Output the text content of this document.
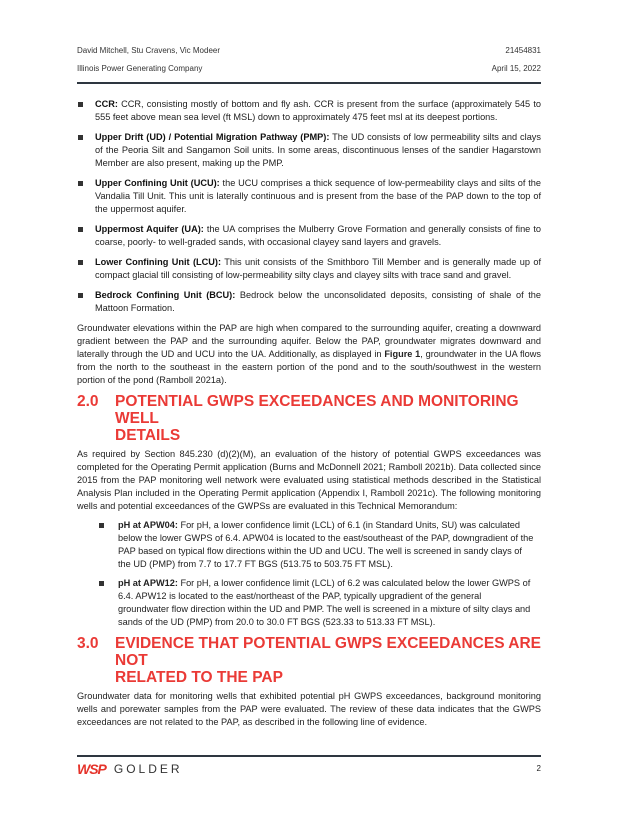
David Mitchell, Stu Cravens, Vic Modeer	21454831
Illinois Power Generating Company	April 15, 2022
CCR: CCR, consisting mostly of bottom and fly ash. CCR is present from the surface (approximately 545 to 555 feet above mean sea level (ft MSL) down to approximately 475 feet msl at its deepest portions.
Upper Drift (UD) / Potential Migration Pathway (PMP): The UD consists of low permeability silts and clays of the Peoria Silt and Sangamon Soil units. In some areas, discontinuous lenses of the sandier Hagarstown Member are also present, making up the PMP.
Upper Confining Unit (UCU): the UCU comprises a thick sequence of low-permeability clays and silts of the Vandalia Till Unit. This unit is laterally continuous and is present from the base of the PAP down to the top of the uppermost aquifer.
Uppermost Aquifer (UA): the UA comprises the Mulberry Grove Formation and generally consists of fine to coarse, poorly- to well-graded sands, with occasional clayey sand layers and gravels.
Lower Confining Unit (LCU): This unit consists of the Smithboro Till Member and is generally made up of compact glacial till consisting of low-permeability silty clays and clayey silts with trace sand and gravel.
Bedrock Confining Unit (BCU): Bedrock below the unconsolidated deposits, consisting of shale of the Mattoon Formation.
Groundwater elevations within the PAP are high when compared to the surrounding aquifer, creating a downward gradient between the PAP and the surrounding aquifer. Below the PAP, groundwater migrates downward and laterally through the UD and UCU into the UA. Additionally, as displayed in Figure 1, groundwater in the UA flows from the north to the southeast in the eastern portion of the pond and to the south/southwest in the western portion of the pond (Ramboll 2021a).
2.0 POTENTIAL GWPS EXCEEDANCES AND MONITORING WELL
DETAILS
As required by Section 845.230 (d)(2)(M), an evaluation of the history of potential GWPS exceedances was completed for the Operating Permit application (Burns and McDonnell 2021; Ramboll 2021b). Data collected since 2015 from the PAP monitoring well network were evaluated using statistical methods described in the Statistical Analysis Plan included in the Operating Permit application (Appendix I, Ramboll 2021c). The following monitoring wells and potential exceedances of the GWPSs are evaluated in this Technical Memorandum:
pH at APW04: For pH, a lower confidence limit (LCL) of 6.1 (in Standard Units, SU) was calculated below the lower GWPS of 6.4. APW04 is located to the east/southeast of the PAP, downgradient of the PAP based on typical flow directions within the UD and UCU. The well is screened in sandy clays of the UD (PMP) from 7.7 to 17.7 FT BGS (513.75 to 503.75 FT MSL).
pH at APW12: For pH, a lower confidence limit (LCL) of 6.2 was calculated below the lower GWPS of 6.4. APW12 is located to the east/northeast of the PAP, typically upgradient of the general groundwater flow direction within the UD and PMP. The well is screened in a mixture of silty clays and sands of the UD (PMP) from 20.0 to 30.0 FT BGS (523.33 to 513.33 FT MSL).
3.0 EVIDENCE THAT POTENTIAL GWPS EXCEEDANCES ARE NOT
RELATED TO THE PAP
Groundwater data for monitoring wells that exhibited potential pH GWPS exceedances, background monitoring wells and porewater samples from the PAP were evaluated. The review of these data indicates that the GWPS exceedances are not related to the PAP, as described in the following line of evidence.
WSP GOLDER	2
